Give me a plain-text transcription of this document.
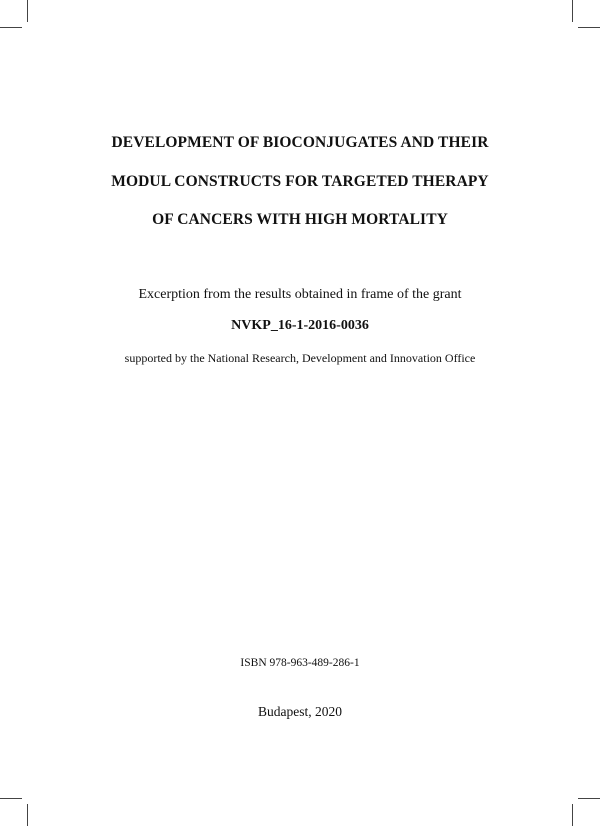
DEVELOPMENT OF BIOCONJUGATES AND THEIR
MODUL CONSTRUCTS FOR TARGETED THERAPY
OF CANCERS WITH HIGH MORTALITY
Excerption from the results obtained in frame of the grant
NVKP_16-1-2016-0036
supported by the National Research, Development and Innovation Office
ISBN 978-963-489-286-1
Budapest, 2020
